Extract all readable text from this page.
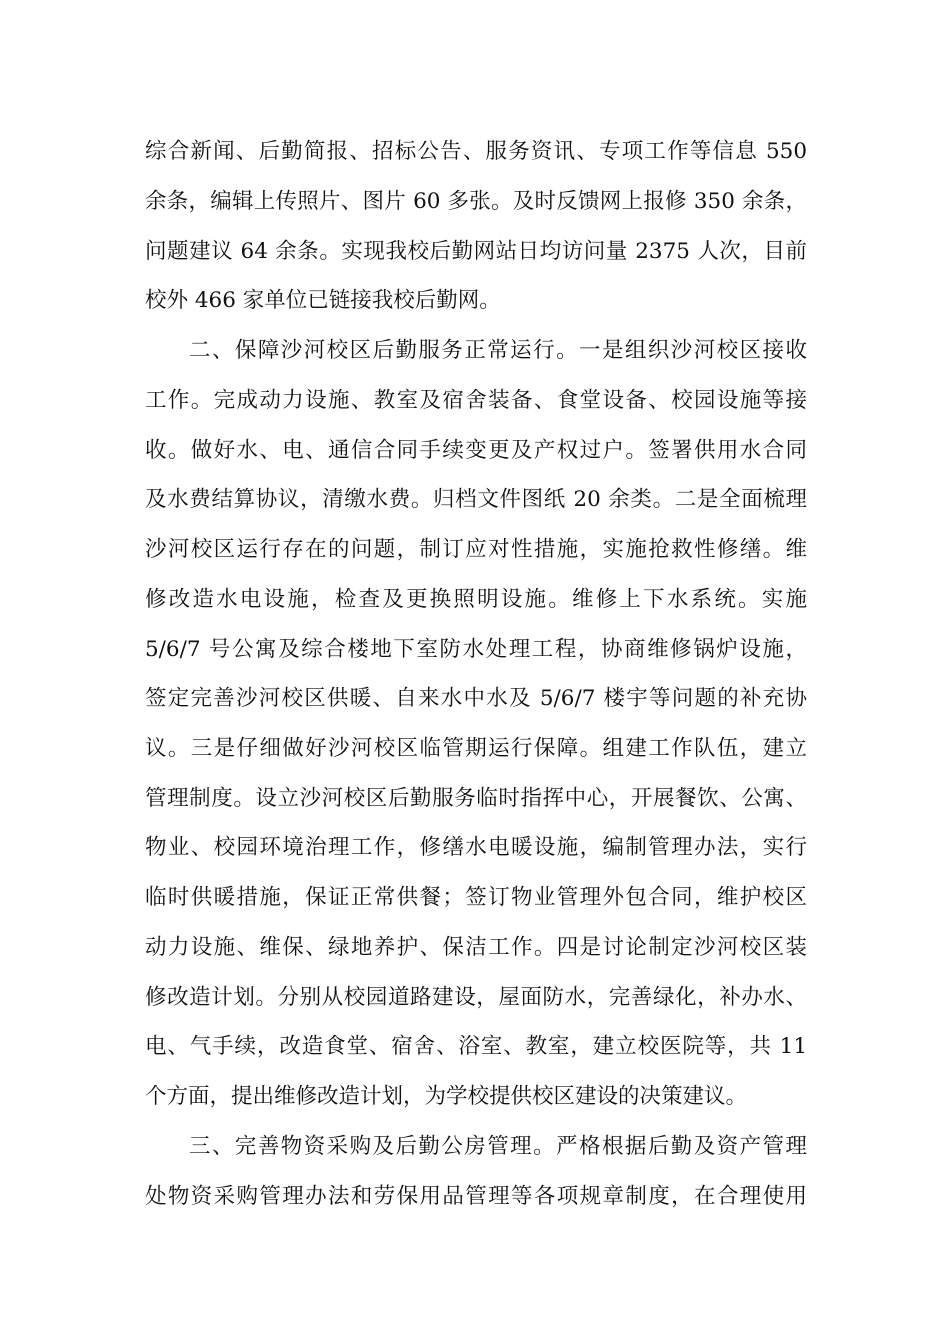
综合新闻、后勤简报、招标公告、服务资讯、专项工作等信息 550
余条，编辑上传照片、图片 60 多张。及时反馈网上报修 350 余条，
问题建议 64 余条。实现我校后勤网站日均访问量 2375 人次，目前
校外 466 家单位已链接我校后勤网。
二、保障沙河校区后勤服务正常运行。一是组织沙河校区接收
工作。完成动力设施、教室及宿舍装备、食堂设备、校园设施等接
收。做好水、电、通信合同手续变更及产权过户。签署供用水合同
及水费结算协议，清缴水费。归档文件图纸 20 余类。二是全面梳理
沙河校区运行存在的问题，制订应对性措施，实施抢救性修缮。维
修改造水电设施，检查及更换照明设施。维修上下水系统。实施
5/6/7 号公寓及综合楼地下室防水处理工程，协商维修锅炉设施，
签定完善沙河校区供暖、自来水中水及 5/6/7 楼宇等问题的补充协
议。三是仔细做好沙河校区临管期运行保障。组建工作队伍，建立
管理制度。设立沙河校区后勤服务临时指挥中心，开展餐饮、公寓、
物业、校园环境治理工作，修缮水电暖设施，编制管理办法，实行
临时供暖措施，保证正常供餐；签订物业管理外包合同，维护校区
动力设施、维保、绿地养护、保洁工作。四是讨论制定沙河校区装
修改造计划。分别从校园道路建设，屋面防水，完善绿化，补办水、
电、气手续，改造食堂、宿舍、浴室、教室，建立校医院等，共 11
个方面，提出维修改造计划，为学校提供校区建设的决策建议。
三、完善物资采购及后勤公房管理。严格根据后勤及资产管理
处物资采购管理办法和劳保用品管理等各项规章制度，在合理使用
